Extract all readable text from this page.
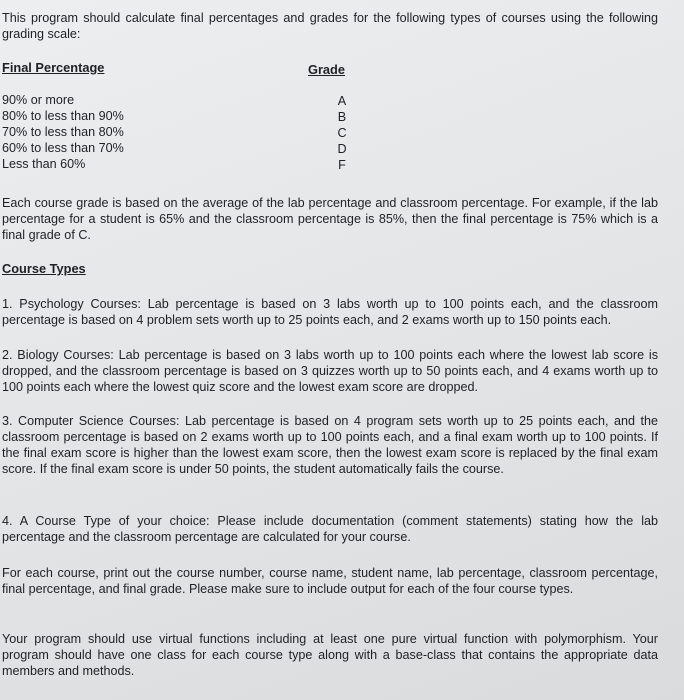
This program should calculate final percentages and grades for the following types of courses using the following grading scale:
Final Percentage	Grade
90% or more
80% to less than 90%
70% to less than 80%
60% to less than 70%
Less than 60%
A
B
C
D
F
Each course grade is based on the average of the lab percentage and classroom percentage. For example, if the lab percentage for a student is 65% and the classroom percentage is 85%, then the final percentage is 75% which is a final grade of C.
Course Types
1. Psychology Courses: Lab percentage is based on 3 labs worth up to 100 points each, and the classroom percentage is based on 4 problem sets worth up to 25 points each, and 2 exams worth up to 150 points each.
2. Biology Courses: Lab percentage is based on 3 labs worth up to 100 points each where the lowest lab score is dropped, and the classroom percentage is based on 3 quizzes worth up to 50 points each, and 4 exams worth up to 100 points each where the lowest quiz score and the lowest exam score are dropped.
3. Computer Science Courses: Lab percentage is based on 4 program sets worth up to 25 points each, and the classroom percentage is based on 2 exams worth up to 100 points each, and a final exam worth up to 100 points. If the final exam score is higher than the lowest exam score, then the lowest exam score is replaced by the final exam score. If the final exam score is under 50 points, the student automatically fails the course.
4. A Course Type of your choice: Please include documentation (comment statements) stating how the lab percentage and the classroom percentage are calculated for your course.
For each course, print out the course number, course name, student name, lab percentage, classroom percentage, final percentage, and final grade. Please make sure to include output for each of the four course types.
Your program should use virtual functions including at least one pure virtual function with polymorphism. Your program should have one class for each course type along with a base-class that contains the appropriate data members and methods.
